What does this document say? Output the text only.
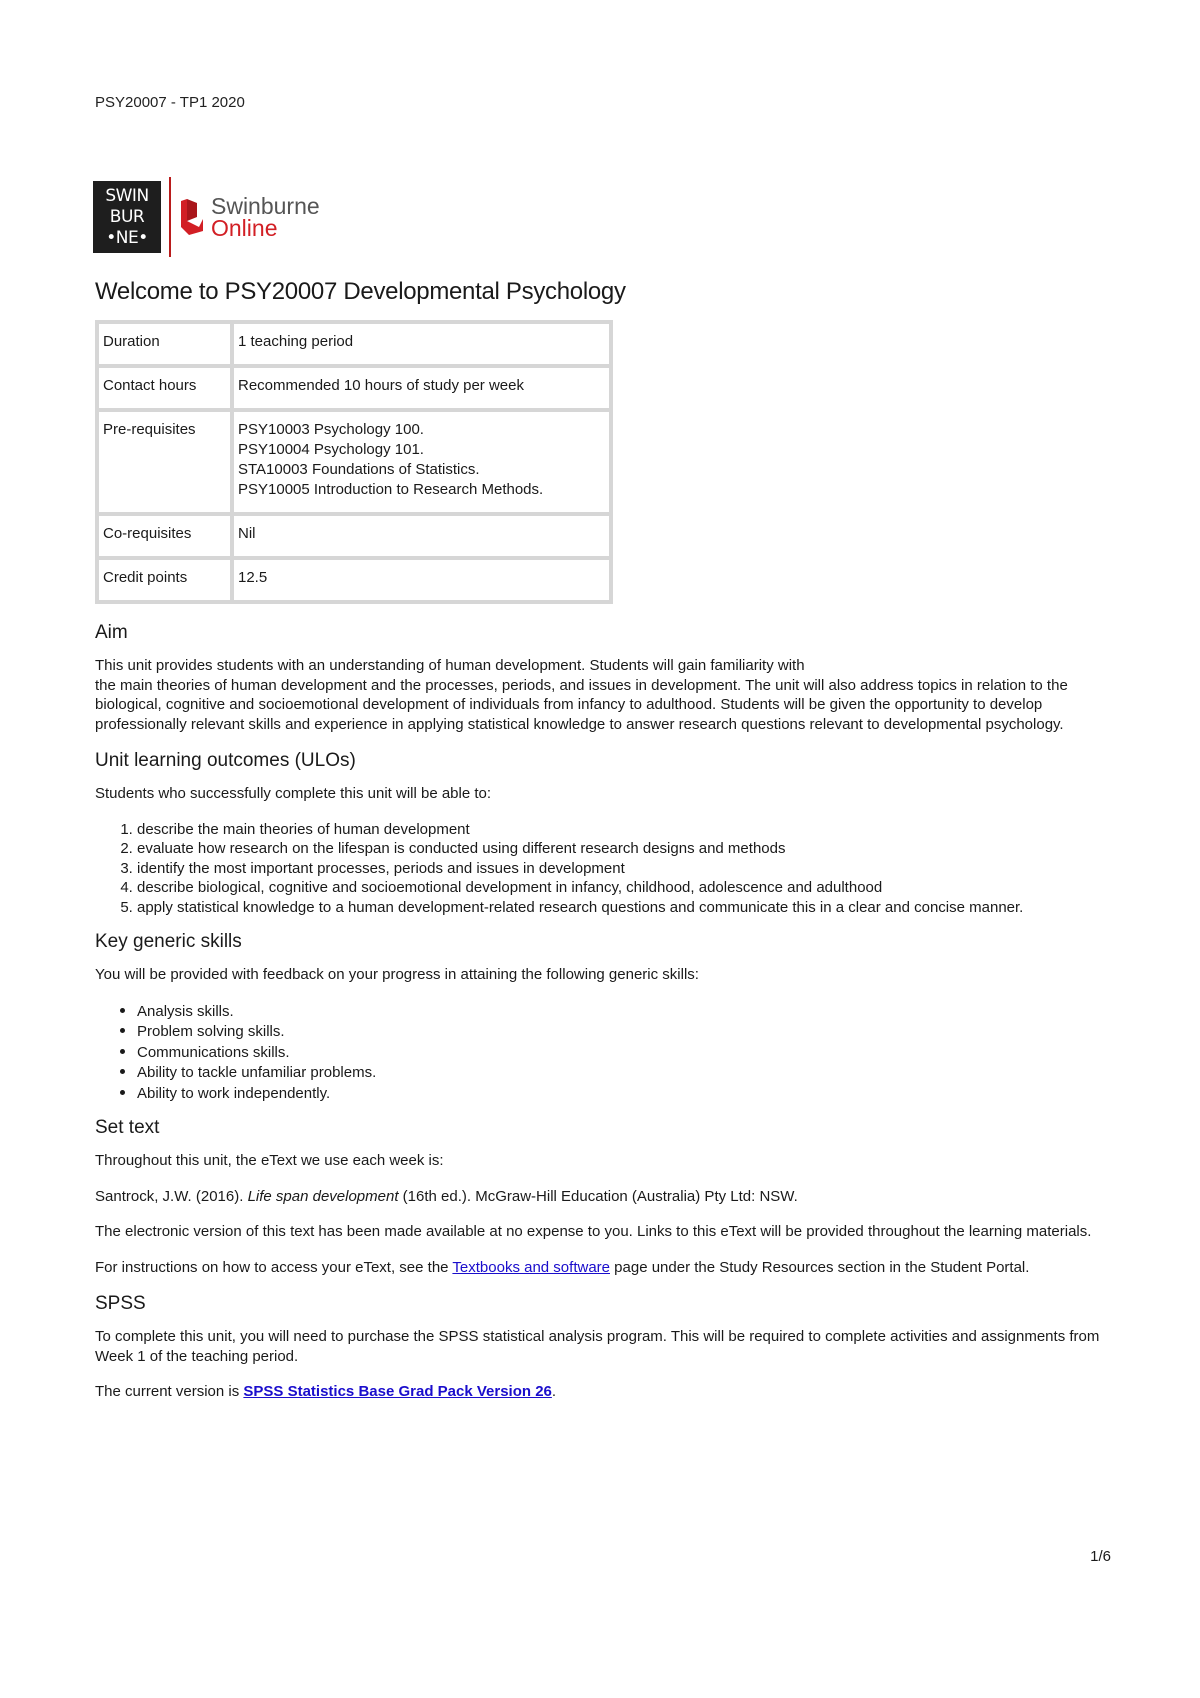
PSY20007 - TP1 2020
SWIN
BUR
•NE•
Swinburne
Online
Welcome to PSY20007 Developmental Psychology
Duration	1 teaching period
Contact hours	Recommended 10 hours of study per week
Pre-requisites	PSY10003 Psychology 100.
PSY10004 Psychology 101.
STA10003 Foundations of Statistics.
PSY10005 Introduction to Research Methods.

Co-requisites	Nil
Credit points	12.5
Aim

This unit provides students with an understanding of human development. Students will gain familiarity with
the main theories of human development and the processes, periods, and issues in development. The unit will also address topics in relation to the biological, cognitive and socioemotional development of individuals from infancy to adulthood. Students will be given the opportunity to develop professionally relevant skills and experience in applying statistical knowledge to answer research questions relevant to developmental psychology.

Unit learning outcomes (ULOs)

Students who successfully complete this unit will be able to:

1. describe the main theories of human development
2. evaluate how research on the lifespan is conducted using different research designs and methods
3. identify the most important processes, periods and issues in development
4. describe biological, cognitive and socioemotional development in infancy, childhood, adolescence and adulthood
5. apply statistical knowledge to a human development-related research questions and communicate this in a clear and concise manner.
Key generic skills

You will be provided with feedback on your progress in attaining the following generic skills:

• Analysis skills.
• Problem solving skills.
• Communications skills.
• Ability to tackle unfamiliar problems.
• Ability to work independently.
Set text

Throughout this unit, the eText we use each week is:

Santrock, J.W. (2016). Life span development (16th ed.). McGraw-Hill Education (Australia) Pty Ltd: NSW.

The electronic version of this text has been made available at no expense to you. Links to this eText will be provided throughout the learning materials.

For instructions on how to access your eText, see the Textbooks and software page under the Study Resources section in the Student Portal.

SPSS

To complete this unit, you will need to purchase the SPSS statistical analysis program. This will be required to complete activities and assignments from Week 1 of the teaching period.

The current version is SPSS Statistics Base Grad Pack Version 26.

1/6
